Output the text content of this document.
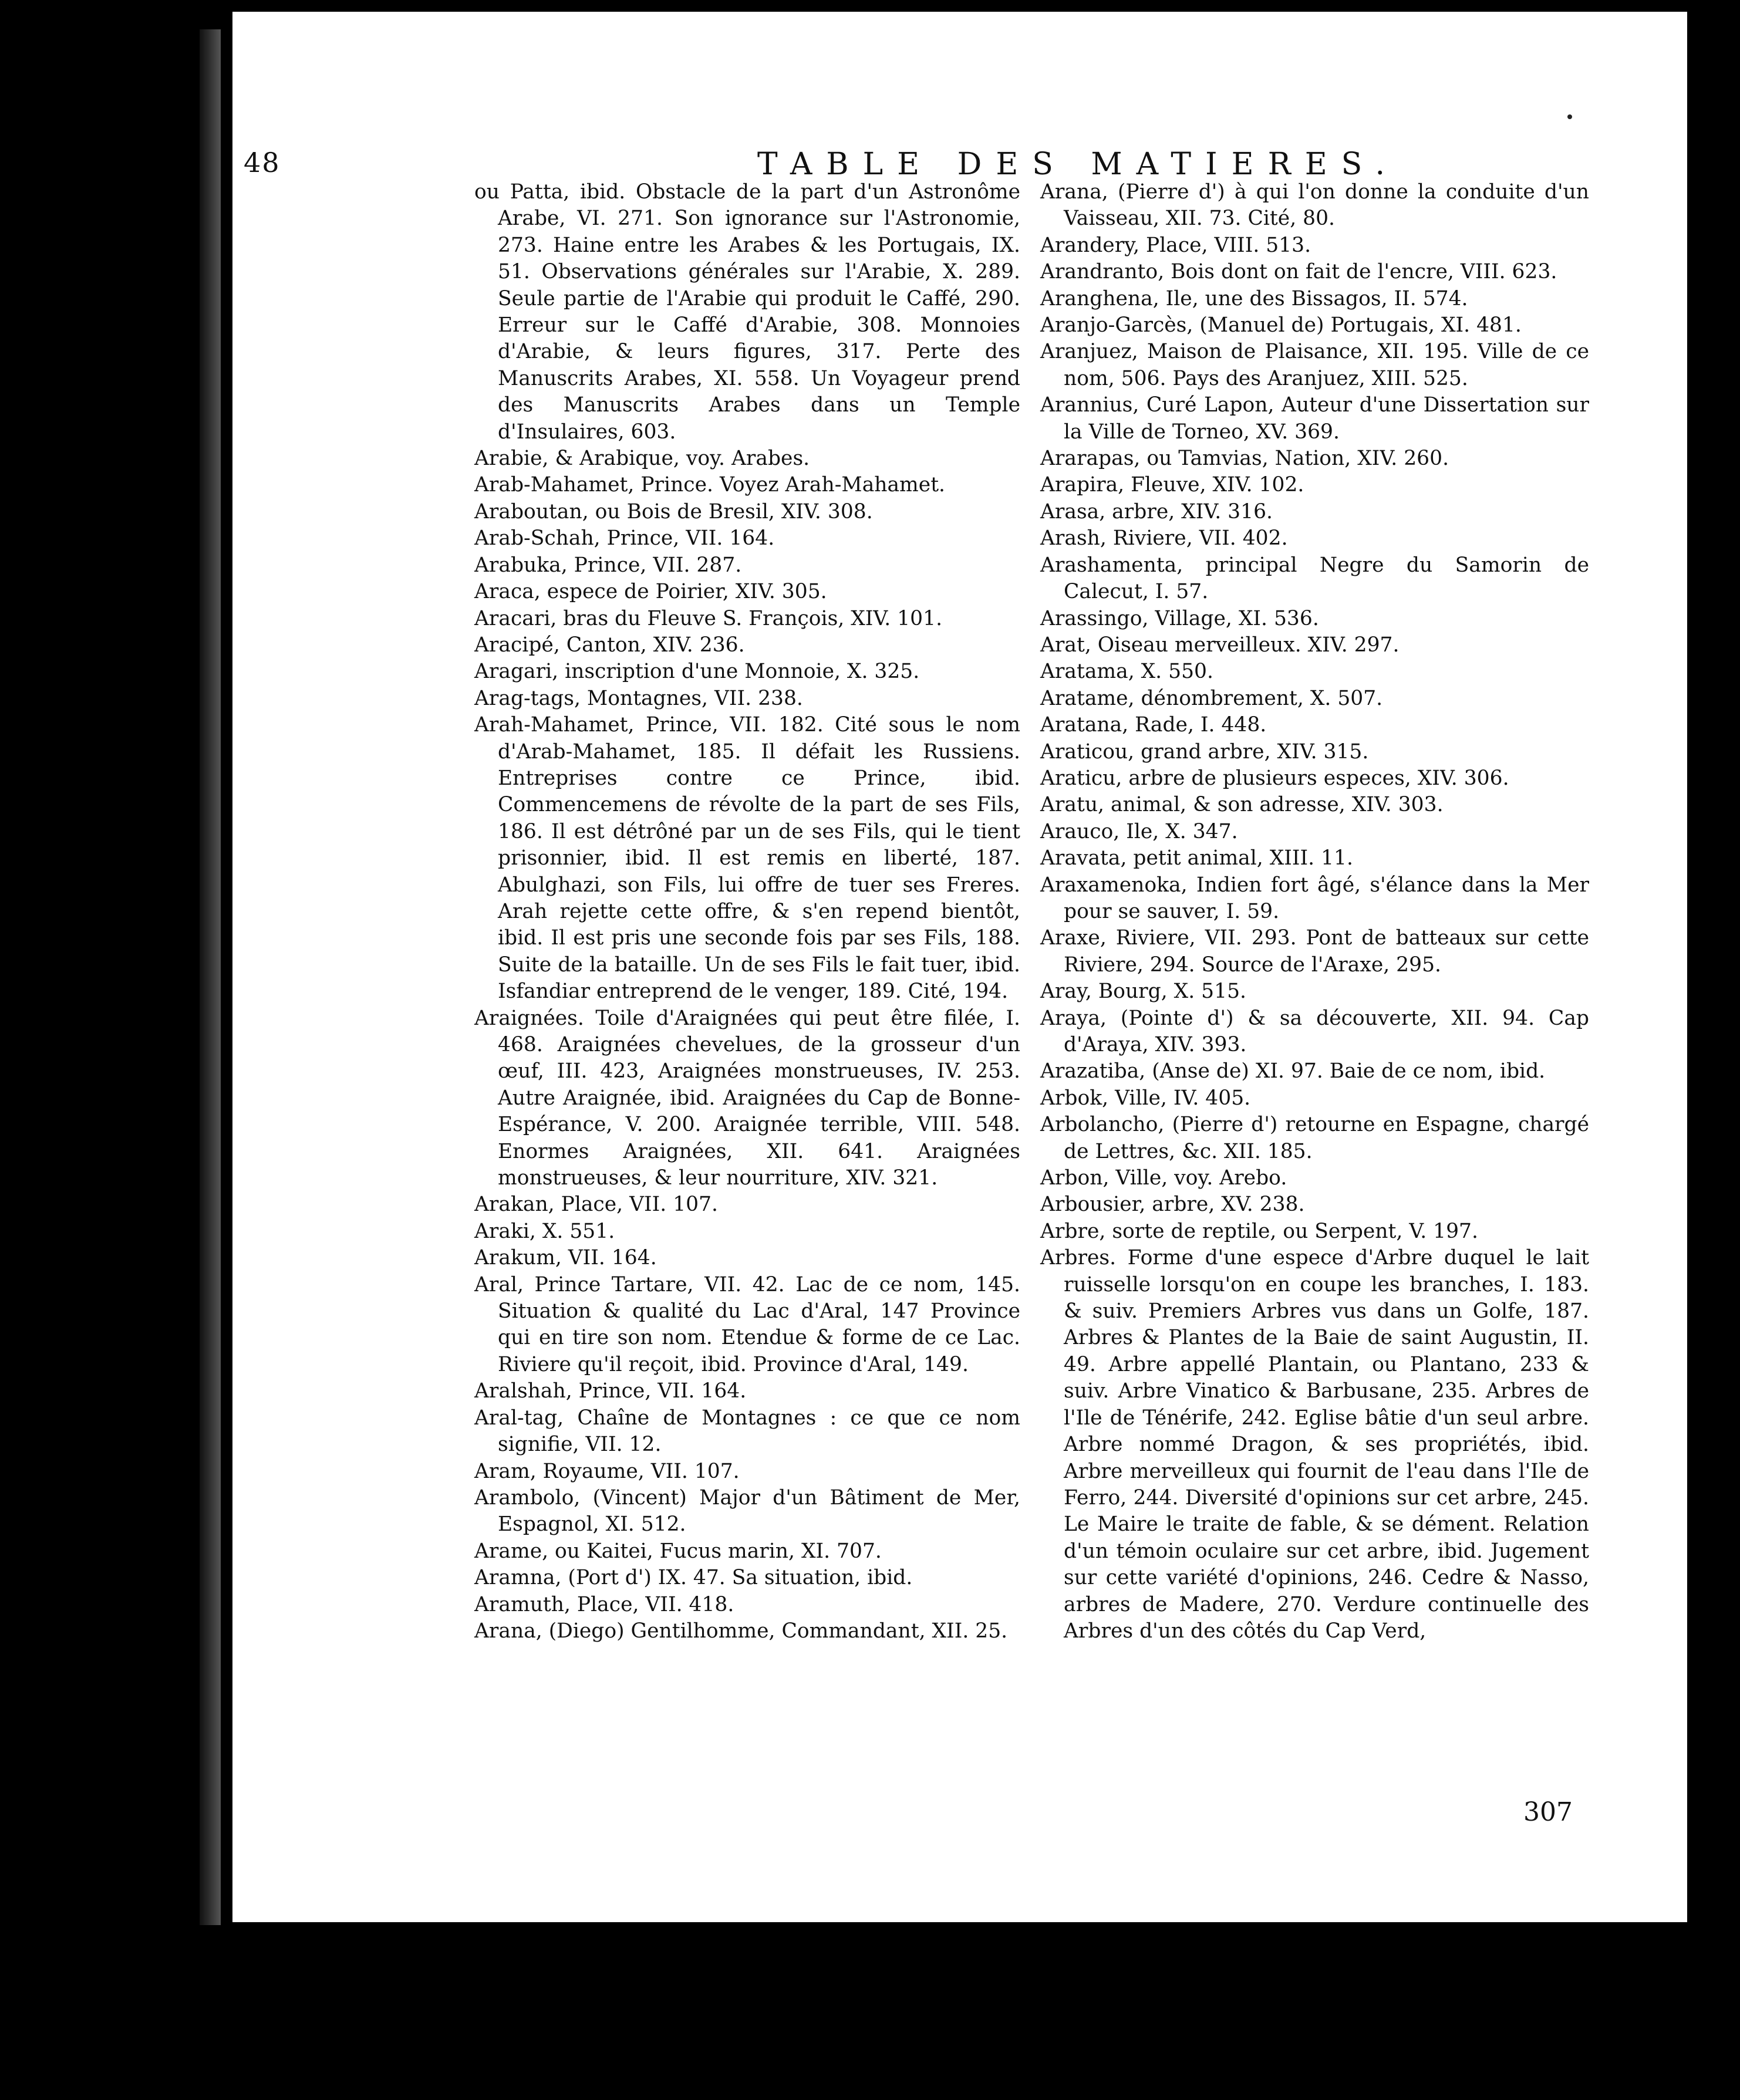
48	TABLE DES MATIERES.

ou Patta, ibid. Obstacle de la part d'un Astronôme Arabe, VI. 271. Son ignorance sur l'Astronomie, 273. Haine entre les Arabes & les Portugais, IX. 51. Observations générales sur l'Arabie, X. 289. Seule partie de l'Arabie qui produit le Caffé, 290. Erreur sur le Caffé d'Arabie, 308. Monnoies d'Arabie, & leurs figures, 317. Perte des Manuscrits Arabes, XI. 558. Un Voyageur prend des Manuscrits Arabes dans un Temple d'Insulaires, 603.

Arabie, & Arabique, voy. Arabes.

Arab-Mahamet, Prince. Voyez Arah-Mahamet.

Araboutan, ou Bois de Bresil, XIV. 308.

Arab-Schah, Prince, VII. 164.

Arabuka, Prince, VII. 287.

Araca, espece de Poirier, XIV. 305.

Aracari, bras du Fleuve S. François, XIV. 101.

Aracipé, Canton, XIV. 236.

Aragari, inscription d'une Monnoie, X. 325.

Arag-tags, Montagnes, VII. 238.

Arah-Mahamet, Prince, VII. 182. Cité sous le nom d'Arab-Mahamet, 185. Il défait les Russiens. Entreprises contre ce Prince, ibid. Commencemens de révolte de la part de ses Fils, 186. Il est détrôné par un de ses Fils, qui le tient prisonnier, ibid. Il est remis en liberté, 187. Abulghazi, son Fils, lui offre de tuer ses Freres. Arah rejette cette offre, & s'en repend bientôt, ibid. Il est pris une seconde fois par ses Fils, 188. Suite de la bataille. Un de ses Fils le fait tuer, ibid. Isfandiar entreprend de le venger, 189. Cité, 194.

Araignées. Toile d'Araignées qui peut être filée, I. 468. Araignées chevelues, de la grosseur d'un œuf, III. 423, Araignées monstrueuses, IV. 253. Autre Araignée, ibid. Araignées du Cap de Bonne-Espérance, V. 200. Araignée terrible, VIII. 548. Enormes Araignées, XII. 641. Araignées monstrueuses, & leur nourriture, XIV. 321.

Arakan, Place, VII. 107.

Araki, X. 551.

Arakum, VII. 164.

Aral, Prince Tartare, VII. 42. Lac de ce nom, 145. Situation & qualité du Lac d'Aral, 147 Province qui en tire son nom. Etendue & forme de ce Lac. Riviere qu'il reçoit, ibid. Province d'Aral, 149.

Aralshah, Prince, VII. 164.

Aral-tag, Chaîne de Montagnes : ce que ce nom signifie, VII. 12.

Aram, Royaume, VII. 107.

Arambolo, (Vincent) Major d'un Bâtiment de Mer, Espagnol, XI. 512.

Arame, ou Kaitei, Fucus marin, XI. 707.

Aramna, (Port d') IX. 47. Sa situation, ibid.

Aramuth, Place, VII. 418.

Arana, (Diego) Gentilhomme, Commandant, XII. 25.

Arana, (Pierre d') à qui l'on donne la conduite d'un Vaisseau, XII. 73. Cité, 80.

Arandery, Place, VIII. 513.

Arandranto, Bois dont on fait de l'encre, VIII. 623.

Aranghena, Ile, une des Bissagos, II. 574.

Aranjo-Garcès, (Manuel de) Portugais, XI. 481.

Aranjuez, Maison de Plaisance, XII. 195. Ville de ce nom, 506. Pays des Aranjuez, XIII. 525.

Arannius, Curé Lapon, Auteur d'une Dissertation sur la Ville de Torneo, XV. 369.

Ararapas, ou Tamvias, Nation, XIV. 260.

Arapira, Fleuve, XIV. 102.

Arasa, arbre, XIV. 316.

Arash, Riviere, VII. 402.

Arashamenta, principal Negre du Samorin de Calecut, I. 57.

Arassingo, Village, XI. 536.

Arat, Oiseau merveilleux. XIV. 297.

Aratama, X. 550.

Aratame, dénombrement, X. 507.

Aratana, Rade, I. 448.

Araticou, grand arbre, XIV. 315.

Araticu, arbre de plusieurs especes, XIV. 306.

Aratu, animal, & son adresse, XIV. 303.

Arauco, Ile, X. 347.

Aravata, petit animal, XIII. 11.

Araxamenoka, Indien fort âgé, s'élance dans la Mer pour se sauver, I. 59.

Araxe, Riviere, VII. 293. Pont de batteaux sur cette Riviere, 294. Source de l'Araxe, 295.

Aray, Bourg, X. 515.

Araya, (Pointe d') & sa découverte, XII. 94. Cap d'Araya, XIV. 393.

Arazatiba, (Anse de) XI. 97. Baie de ce nom, ibid.

Arbok, Ville, IV. 405.

Arbolancho, (Pierre d') retourne en Espagne, chargé de Lettres, &c. XII. 185.

Arbon, Ville, voy. Arebo.

Arbousier, arbre, XV. 238.

Arbre, sorte de reptile, ou Serpent, V. 197.

Arbres. Forme d'une espece d'Arbre duquel le lait ruisselle lorsqu'on en coupe les branches, I. 183. & suiv. Premiers Arbres vus dans un Golfe, 187. Arbres & Plantes de la Baie de saint Augustin, II. 49. Arbre appellé Plantain, ou Plantano, 233 & suiv. Arbre Vinatico & Barbusane, 235. Arbres de l'Ile de Ténérife, 242. Eglise bâtie d'un seul arbre. Arbre nommé Dragon, & ses propriétés, ibid. Arbre merveilleux qui fournit de l'eau dans l'Ile de Ferro, 244. Diversité d'opinions sur cet arbre, 245. Le Maire le traite de fable, & se dément. Relation d'un témoin oculaire sur cet arbre, ibid. Jugement sur cette variété d'opinions, 246. Cedre & Nasso, arbres de Madere, 270. Verdure continuelle des Arbres d'un des côtés du Cap Verd,

307
